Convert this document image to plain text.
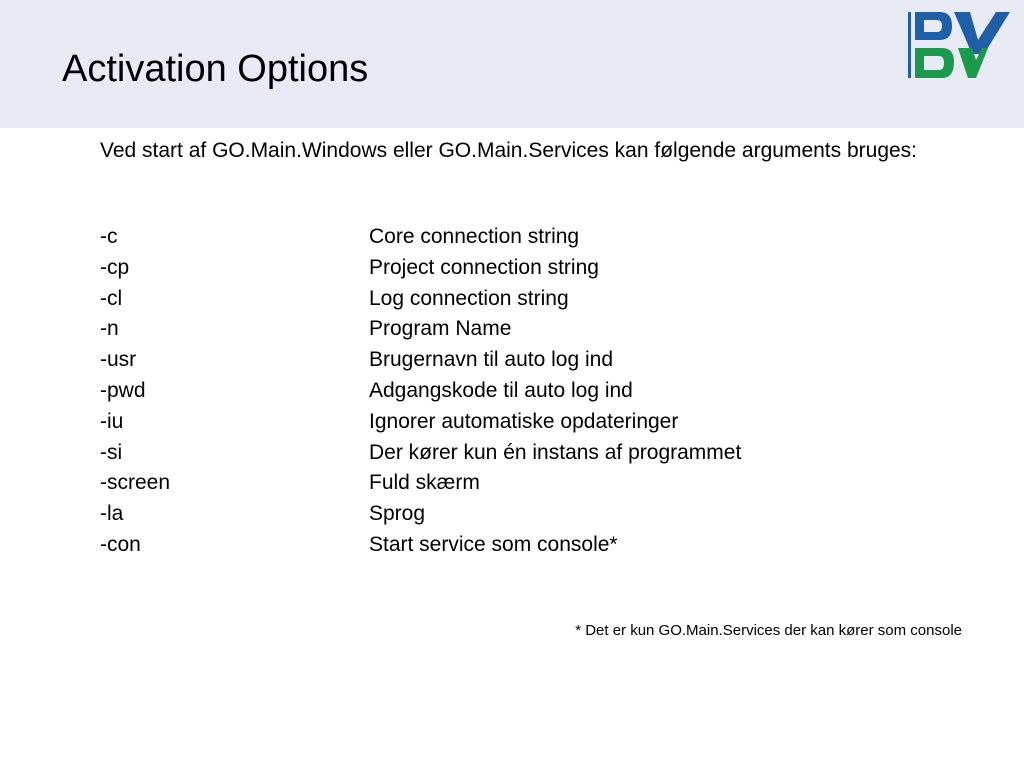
Activation Options
Ved start af GO.Main.Windows eller GO.Main.Services kan følgende arguments bruges:
-c	Core connection string
-cp	Project connection string
-cl	Log connection string
-n	Program Name
-usr	Brugernavn til auto log ind
-pwd	Adgangskode til auto log ind
-iu	Ignorer automatiske opdateringer
-si	Der kører kun én instans af programmet
-screen	Fuld skærm
-la	Sprog
-con	Start service som console*
* Det er kun GO.Main.Services der kan kører som console
